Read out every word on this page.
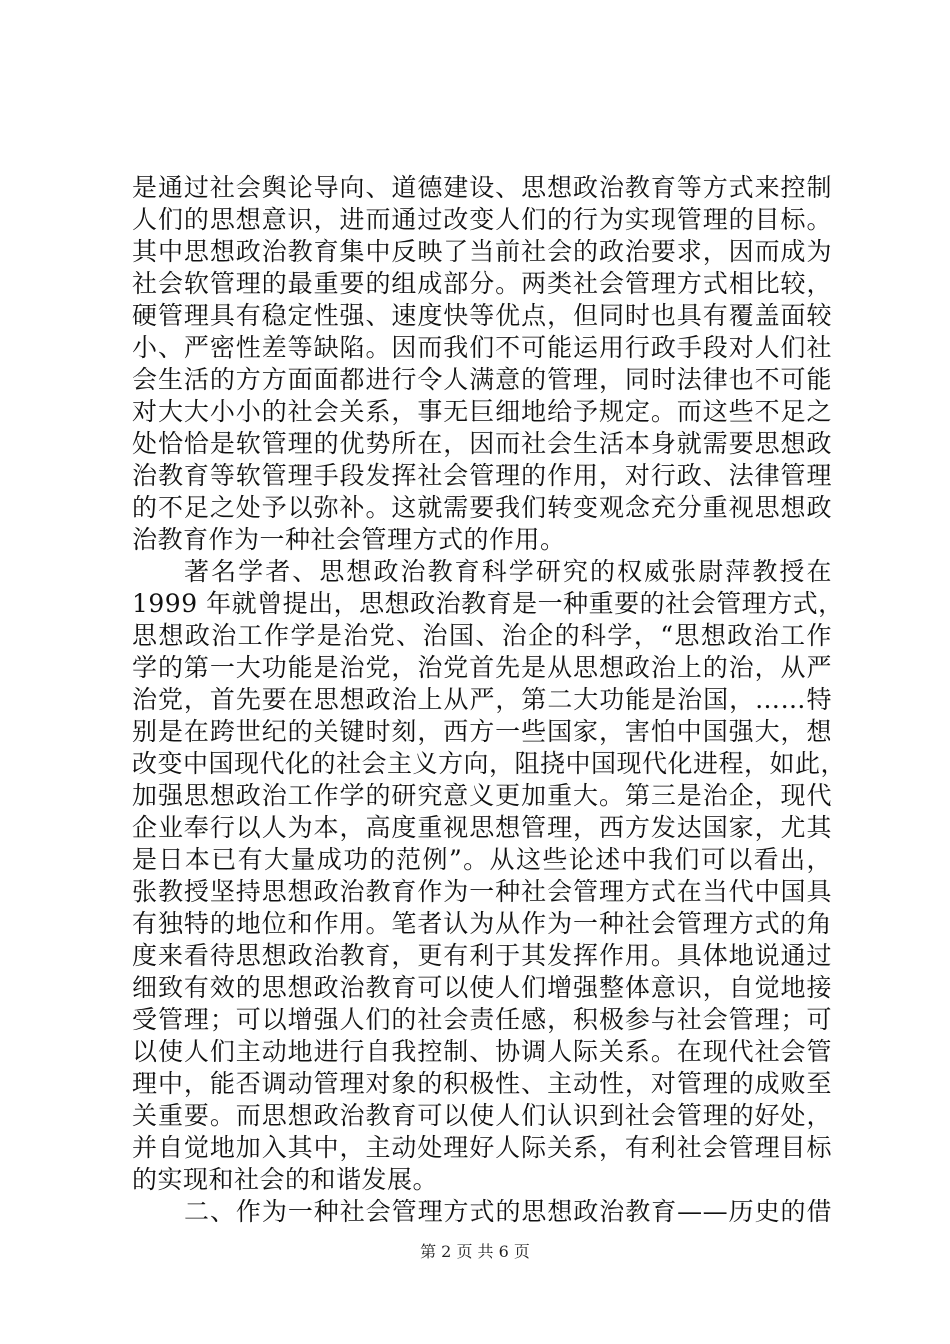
是通过社会舆论导向、道德建设、思想政治教育等方式来控制
人们的思想意识，进而通过改变人们的行为实现管理的目标。
其中思想政治教育集中反映了当前社会的政治要求，因而成为
社会软管理的最重要的组成部分。两类社会管理方式相比较，
硬管理具有稳定性强、速度快等优点，但同时也具有覆盖面较
小、严密性差等缺陷。因而我们不可能运用行政手段对人们社
会生活的方方面面都进行令人满意的管理，同时法律也不可能
对大大小小的社会关系，事无巨细地给予规定。而这些不足之
处恰恰是软管理的优势所在，因而社会生活本身就需要思想政
治教育等软管理手段发挥社会管理的作用，对行政、法律管理
的不足之处予以弥补。这就需要我们转变观念充分重视思想政
治教育作为一种社会管理方式的作用。
著名学者、思想政治教育科学研究的权威张尉萍教授在
1999 年就曾提出，思想政治教育是一种重要的社会管理方式，
思想政治工作学是治党、治国、治企的科学，“思想政治工作
学的第一大功能是治党，治党首先是从思想政治上的治，从严
治党，首先要在思想政治上从严，第二大功能是治国，……特
别是在跨世纪的关键时刻，西方一些国家，害怕中国强大，想
改变中国现代化的社会主义方向，阻挠中国现代化进程，如此，
加强思想政治工作学的研究意义更加重大。第三是治企，现代
企业奉行以人为本，高度重视思想管理，西方发达国家，尤其
是日本已有大量成功的范例”。从这些论述中我们可以看出，
张教授坚持思想政治教育作为一种社会管理方式在当代中国具
有独特的地位和作用。笔者认为从作为一种社会管理方式的角
度来看待思想政治教育，更有利于其发挥作用。具体地说通过
细致有效的思想政治教育可以使人们增强整体意识，自觉地接
受管理；可以增强人们的社会责任感，积极参与社会管理；可
以使人们主动地进行自我控制、协调人际关系。在现代社会管
理中，能否调动管理对象的积极性、主动性，对管理的成败至
关重要。而思想政治教育可以使人们认识到社会管理的好处，
并自觉地加入其中，主动处理好人际关系，有利社会管理目标
的实现和社会的和谐发展。
二、作为一种社会管理方式的思想政治教育——历史的借
第 2 页 共 6 页
